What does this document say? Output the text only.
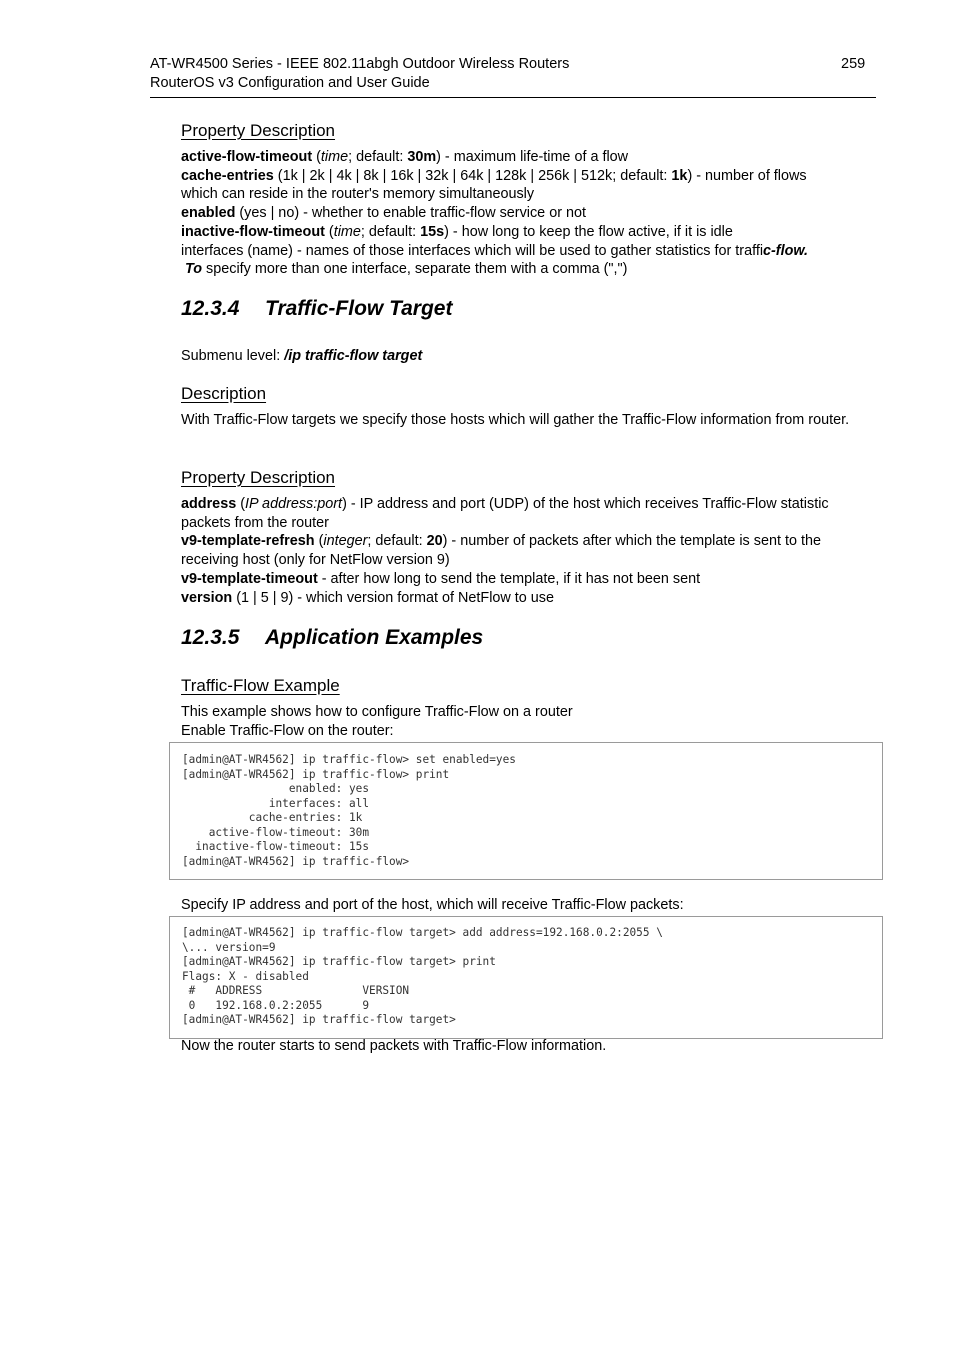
AT-WR4500 Series - IEEE 802.11abgh Outdoor Wireless Routers
RouterOS v3 Configuration and User Guide
259
Property Description
active-flow-timeout (time; default: 30m) - maximum life-time of a flow
cache-entries (1k | 2k | 4k | 8k | 16k | 32k | 64k | 128k | 256k | 512k; default: 1k) - number of flows
which can reside in the router's memory simultaneously
enabled (yes | no) - whether to enable traffic-flow service or not
inactive-flow-timeout (time; default: 15s) - how long to keep the flow active, if it is idle
interfaces (name) - names of those interfaces which will be used to gather statistics for traffic-flow.
To specify more than one interface, separate them with a comma (",")
12.3.4 Traffic-Flow Target
Submenu level: /ip traffic-flow target
Description
With Traffic-Flow targets we specify those hosts which will gather the Traffic-Flow information from router.
Property Description
address (IP address:port) - IP address and port (UDP) of the host which receives Traffic-Flow statistic
packets from the router
v9-template-refresh (integer; default: 20) - number of packets after which the template is sent to the
receiving host (only for NetFlow version 9)
v9-template-timeout - after how long to send the template, if it has not been sent
version (1 | 5 | 9) - which version format of NetFlow to use
12.3.5 Application Examples
Traffic-Flow Example
This example shows how to configure Traffic-Flow on a router
Enable Traffic-Flow on the router:
[admin@AT-WR4562] ip traffic-flow> set enabled=yes
[admin@AT-WR4562] ip traffic-flow> print
enabled: yes
interfaces: all
cache-entries: 1k
active-flow-timeout: 30m
inactive-flow-timeout: 15s
[admin@AT-WR4562] ip traffic-flow>
Specify IP address and port of the host, which will receive Traffic-Flow packets:
[admin@AT-WR4562] ip traffic-flow target> add address=192.168.0.2:2055 \
\... version=9
[admin@AT-WR4562] ip traffic-flow target> print
Flags: X - disabled
#   ADDRESS               VERSION
0   192.168.0.2:2055      9
[admin@AT-WR4562] ip traffic-flow target>
Now the router starts to send packets with Traffic-Flow information.
